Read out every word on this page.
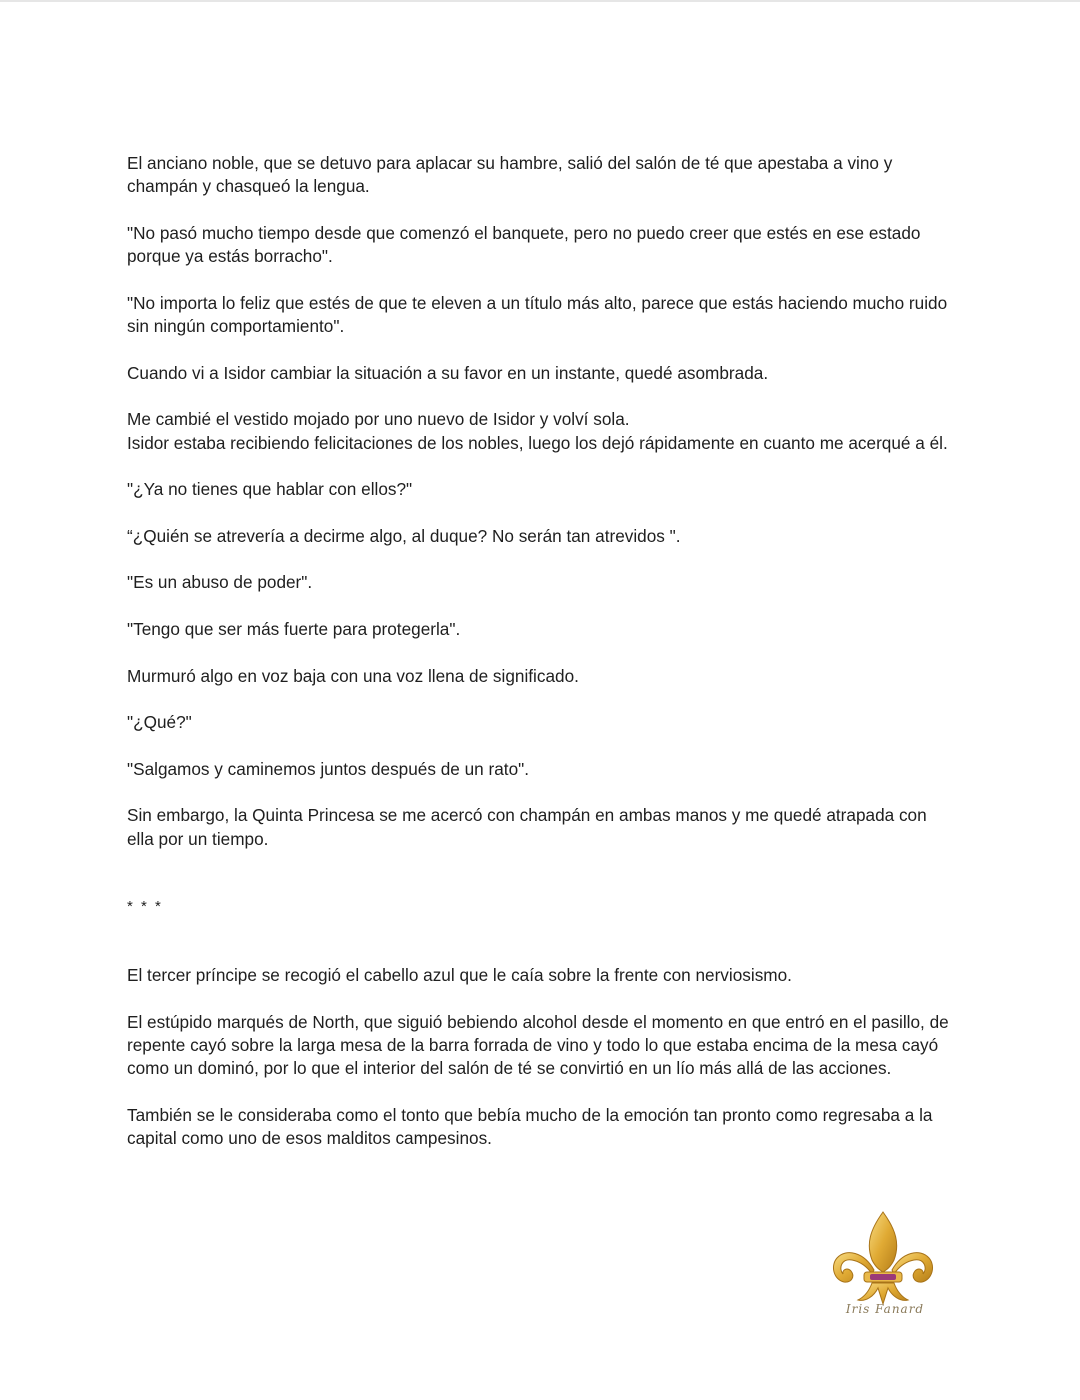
El anciano noble, que se detuvo para aplacar su hambre, salió del salón de té que apestaba a vino y champán y chasqueó la lengua.

"No pasó mucho tiempo desde que comenzó el banquete, pero no puedo creer que estés en ese estado porque ya estás borracho".

"No importa lo feliz que estés de que te eleven a un título más alto, parece que estás haciendo mucho ruido sin ningún comportamiento".

Cuando vi a Isidor cambiar la situación a su favor en un instante, quedé asombrada.

Me cambié el vestido mojado por uno nuevo de Isidor y volví sola.

Isidor estaba recibiendo felicitaciones de los nobles, luego los dejó rápidamente en cuanto me acerqué a él.

"¿Ya no tienes que hablar con ellos?"

“¿Quién se atrevería a decirme algo, al duque? No serán tan atrevidos ".

"Es un abuso de poder".

"Tengo que ser más fuerte para protegerla".

Murmuró algo en voz baja con una voz llena de significado.

"¿Qué?"

"Salgamos y caminemos juntos después de un rato".

Sin embargo, la Quinta Princesa se me acercó con champán en ambas manos y me quedé atrapada con ella por un tiempo.

* * *

El tercer príncipe se recogió el cabello azul que le caía sobre la frente con nerviosismo.

El estúpido marqués de North, que siguió bebiendo alcohol desde el momento en que entró en el pasillo, de repente cayó sobre la larga mesa de la barra forrada de vino y todo lo que estaba encima de la mesa cayó como un dominó, por lo que el interior del salón de té se convirtió en un lío más allá de las acciones.

También se le consideraba como el tonto que bebía mucho de la emoción tan pronto como regresaba a la capital como uno de esos malditos campesinos.

Iris Fanard
